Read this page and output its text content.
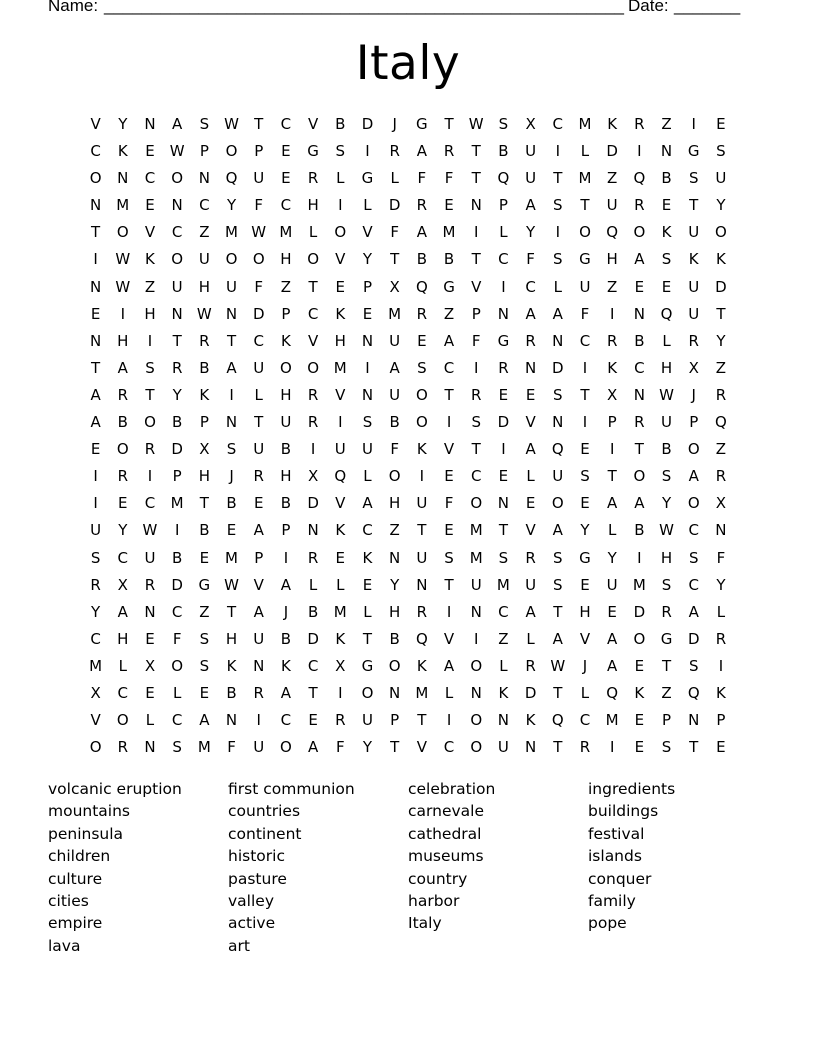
Name: _______________________________________________________ Date: _______
Italy
V	Y	N	A	S	W	T	C	V	B	D	J	G	T	W	S	X	C	M	K	R	Z	I	E
C	K	E	W	P	O	P	E	G	S	I	R	A	R	T	B	U	I	L	D	I	N	G	S
O	N	C	O	N	Q	U	E	R	L	G	L	F	F	T	Q	U	T	M	Z	Q	B	S	U
N	M	E	N	C	Y	F	C	H	I	L	D	R	E	N	P	A	S	T	U	R	E	T	Y
T	O	V	C	Z	M W M	L	O	V	F	A	M	I	L	Y	I	O	Q	O	K	U	O
I	W K	O	U	O	O	H	O	V	Y	T	B	B	T	C	F	S	G	H	A	S	K	K
N W Z	U	H	U	F	Z	T	E	P	X	Q	G	V	I	C	L	U	Z	E	E	U	D
E	I	H	N W N	D	P	C	K	E	M	R	Z	P	N	A	A	F	I	N	Q	U	T
N	H	I	T	R	T	C	K	V	H	N	U	E	A	F	G	R	N	C	R	B	L	R	Y
T	A	S	R	B	A	U	O	O M	I	A	S	C	I	R	N	D	I	K	C	H	X	Z
A	R	T	Y	K	I	L	H	R	V	N	U	O	T	R	E	E	S	T	X	N W	J	R
A	B	O	B	P	N	T	U	R	I	S	B	O	I	S	D	V	N	I	P	R	U	P	Q
E	O	R	D	X	S	U	B	I	U	U	F	K	V	T	I	A	Q	E	I	T	B	O	Z
I	R	I	P	H	J	R	H	X	Q	L	O	I	E	C	E	L	U	S	T	O	S	A	R
I	E	C	M	T	B	E	B	D	V	A	H	U	F	O	N	E	O	E	A	A	Y	O	X
U	Y	W	I	B	E	A	P	N	K	C	Z	T	E	M	T	V	A	Y	L	B W C	N
S	C	U	B	E	M	P	I	R	E	K	N	U	S	M	S	R	S	G	Y	I	H	S	F
R	X	R	D	G W V	A	L	L	E	Y	N	T	U	M	U	S	E	U	M	S	C	Y
Y	A	N	C	Z	T	A	J	B	M	L	H	R	I	N	C	A	T	H	E	D	R	A	L
C	H	E	F	S	H	U	B	D	K	T	B	Q	V	I	Z	L	A	V	A	O	G	D	R
M	L	X	O	S	K	N	K	C	X	G	O	K	A	O	L	R W	J	A	E	T	S	I
X	C	E	L	E	B	R	A	T	I	O	N	M	L	N	K	D	T	L	Q	K	Z	Q	K
V	O	L	C	A	N	I	C	E	R	U	P	T	I	O	N	K	Q	C	M	E	P	N	P
O	R	N	S	M	F	U	O	A	F	Y	T	V	C	O	U	N	T	R	I	E	S	T	E
volcanic eruption
mountains
peninsula
children
culture
cities
empire
lava
first communion
countries
continent
historic
pasture
valley
active
art
celebration
carnevale
cathedral
museums
country
harbor
Italy
ingredients
buildings
festival
islands
conquer
family
pope
